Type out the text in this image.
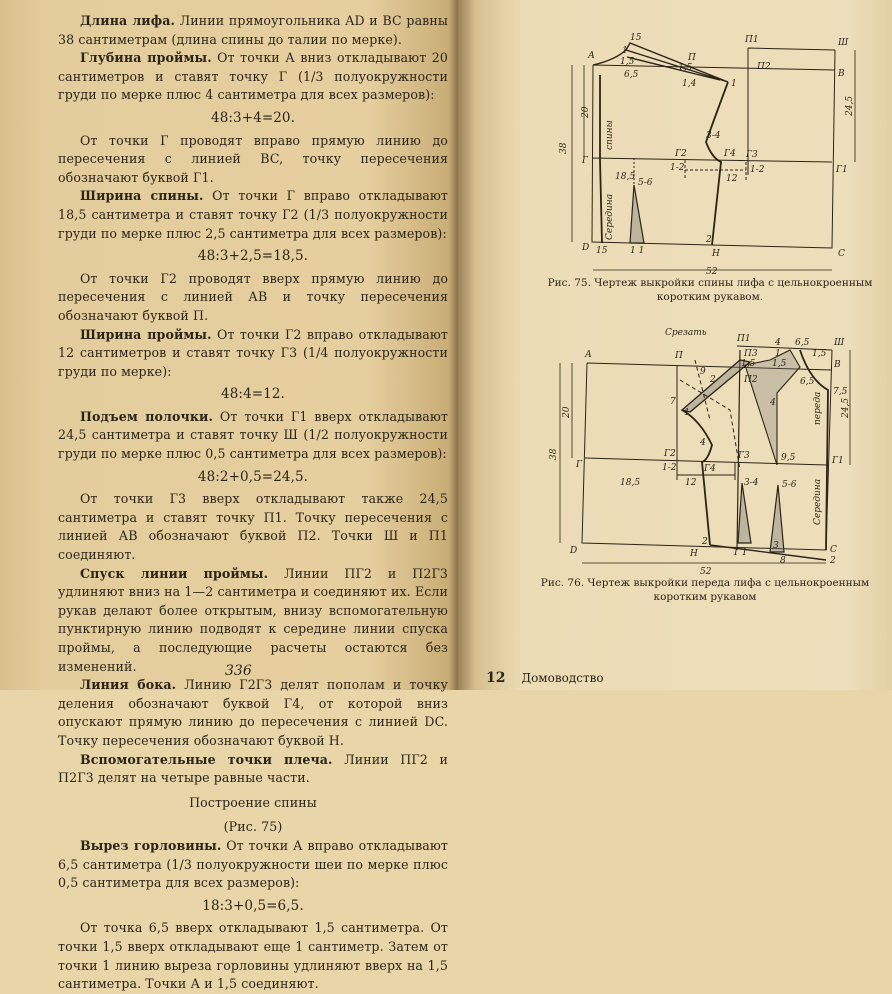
Длина лифа. Линии прямоугольника AD и BC равны 38 сантиметрам (длина спины до талии по мерке).

Глубина проймы. От точки А вниз откладывают 20 сантиметров и ставят точку Г (1/3 полуокружности груди по мерке плюс 4 сантиметра для всех размеров):

48:3+4=20.

От точки Г проводят вправо прямую линию до пересечения с линией BC, точку пересечения обозначают буквой Г1.

Ширина спины. От точки Г вправо откладывают 18,5 сантиметра и ставят точку Г2 (1/3 полуокружности груди по мерке плюс 2,5 сантиметра для всех размеров):

48:3+2,5=18,5.

От точки Г2 проводят вверх прямую линию до пересечения с линией АВ и точку пересечения обозначают буквой П.

Ширина проймы. От точки Г2 вправо откладывают 12 сантиметров и ставят точку Г3 (1/4 полуокружности груди по мерке):

48:4=12.

Подъем полочки. От точки Г1 вверх откладывают 24,5 сантиметра и ставят точку Ш (1/2 полуокружности груди по мерке плюс 0,5 сантиметра для всех размеров):

48:2+0,5=24,5.

От точки Г3 вверх откладывают также 24,5 сантиметра и ставят точку П1. Точку пересечения с линией АВ обозначают буквой П2. Точки Ш и П1 соединяют.

Спуск линии проймы. Линии ПГ2 и П2Г3 удлиняют вниз на 1—2 сантиметра и соединяют их. Если рукав делают более открытым, внизу вспомогательную пунктирную линию подводят к середине линии спуска проймы, а последующие расчеты остаются без изменений.

Линия бока. Линию Г2Г3 делят пополам и точку деления обозначают буквой Г4, от которой вниз опускают прямую линию до пересечения с линией DC. Точку пересечения обозначают буквой Н.

Вспомогательные точки плеча. Линии ПГ2 и П2Г3 делят на четыре равные части.

Построение спины

(Рис. 75)

Вырез горловины. От точки А вправо откладывают 6,5 сантиметра (1/3 полуокружности шеи по мерке плюс 0,5 сантиметра для всех размеров):

18:3+0,5=6,5.

От точка 6,5 вверх откладывают 1,5 сантиметра. От точки 1,5 вверх откладывают еще 1 сантиметр. Затем от точки 1 линию выреза горловины удлиняют вверх на 1,5 сантиметра. Точки А и 1,5 соединяют.

336
А
Ш
П1
П2
В
П
Г
Г1
Г2	Г3
Г4
D
С
Н
15
1
1,5
6,5
1,5
1,4	1
38
20	24,5
18,5	12
1-2	1-2
5-6
3-4
52
спины
Середина	2
15	1 1
Срезать
А	П
П1
П3
П2
Ш
В
4 6,5
1
1,5 1,5
1,5
6,5
7,5
9
2
7
1
4
4
Г
Г2	Г3
Г4
Г1
9,5
1-2
3-4	5-6
18,5	12
38
20	24,5
переда
Середина
D	Н	С
2
2
1 1
3
8
52
Рис. 75. Чертеж выкройки спины лифа с цельнокроенным коротким рукавом.
Рис. 76. Чертеж выкройки переда лифа с цельнокроенным коротким рукавом
12 Домоводство
